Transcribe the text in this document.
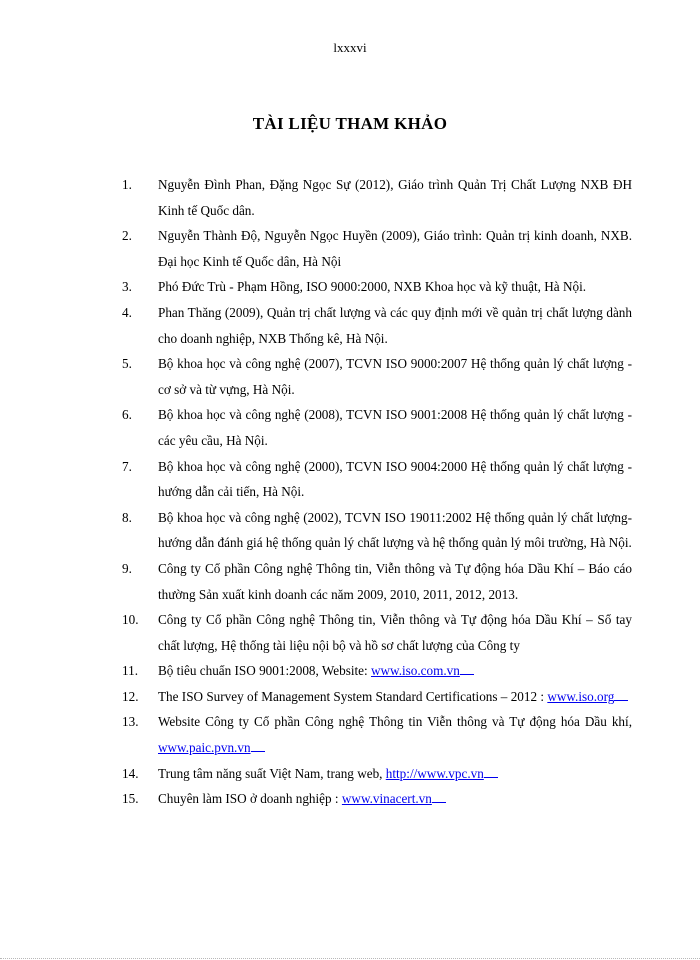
lxxxvi
TÀI LIỆU THAM KHẢO
1.	Nguyễn Đình Phan, Đặng Ngọc Sự (2012), Giáo trình Quản Trị Chất Lượng NXB ĐH Kinh tế Quốc dân.
2.	Nguyễn Thành Độ, Nguyễn Ngọc Huyền (2009), Giáo trình: Quản trị kinh doanh, NXB. Đại học Kinh tế Quốc dân, Hà Nội
3.	Phó Đức Trù - Phạm Hồng, ISO 9000:2000, NXB Khoa học và kỹ thuật, Hà Nội.
4.	Phan Thăng (2009), Quản trị chất lượng và các quy định mới về quản trị chất lượng dành cho doanh nghiệp, NXB Thống kê, Hà Nội.
5.	Bộ khoa học và công nghệ (2007), TCVN ISO 9000:2007 Hệ thống quản lý chất lượng - cơ sở và từ vựng, Hà Nội.
6.	Bộ khoa học và công nghệ (2008), TCVN ISO 9001:2008 Hệ thống quản lý chất lượng - các yêu cầu, Hà Nội.
7.	Bộ khoa học và công nghệ (2000), TCVN ISO 9004:2000 Hệ thống quản lý chất lượng - hướng dẫn cải tiến, Hà Nội.
8.	Bộ khoa học và công nghệ (2002), TCVN ISO 19011:2002 Hệ thống quản lý chất lượng- hướng dẫn đánh giá hệ thống quản lý chất lượng và hệ thống quản lý môi trường, Hà Nội.
9.	Công ty Cổ phần Công nghệ Thông tin, Viễn thông và Tự động hóa Dầu Khí – Báo cáo thường Sản xuất kinh doanh các năm 2009, 2010, 2011, 2012, 2013.
10.	Công ty Cổ phần Công nghệ Thông tin, Viễn thông và Tự động hóa Dầu Khí – Sổ tay chất lượng, Hệ thống tài liệu nội bộ và hồ sơ chất lượng của Công ty
11.	Bộ tiêu chuẩn ISO 9001:2008, Website: www.iso.com.vn
12.	The ISO Survey of Management System Standard Certifications – 2012 : www.iso.org
13.	Website Công ty Cổ phần Công nghệ Thông tin Viễn thông và Tự động hóa Dầu khí, www.paic.pvn.vn
14.	Trung tâm năng suất Việt Nam, trang web, http://www.vpc.vn
15.	Chuyên làm ISO ở doanh nghiệp : www.vinacert.vn
